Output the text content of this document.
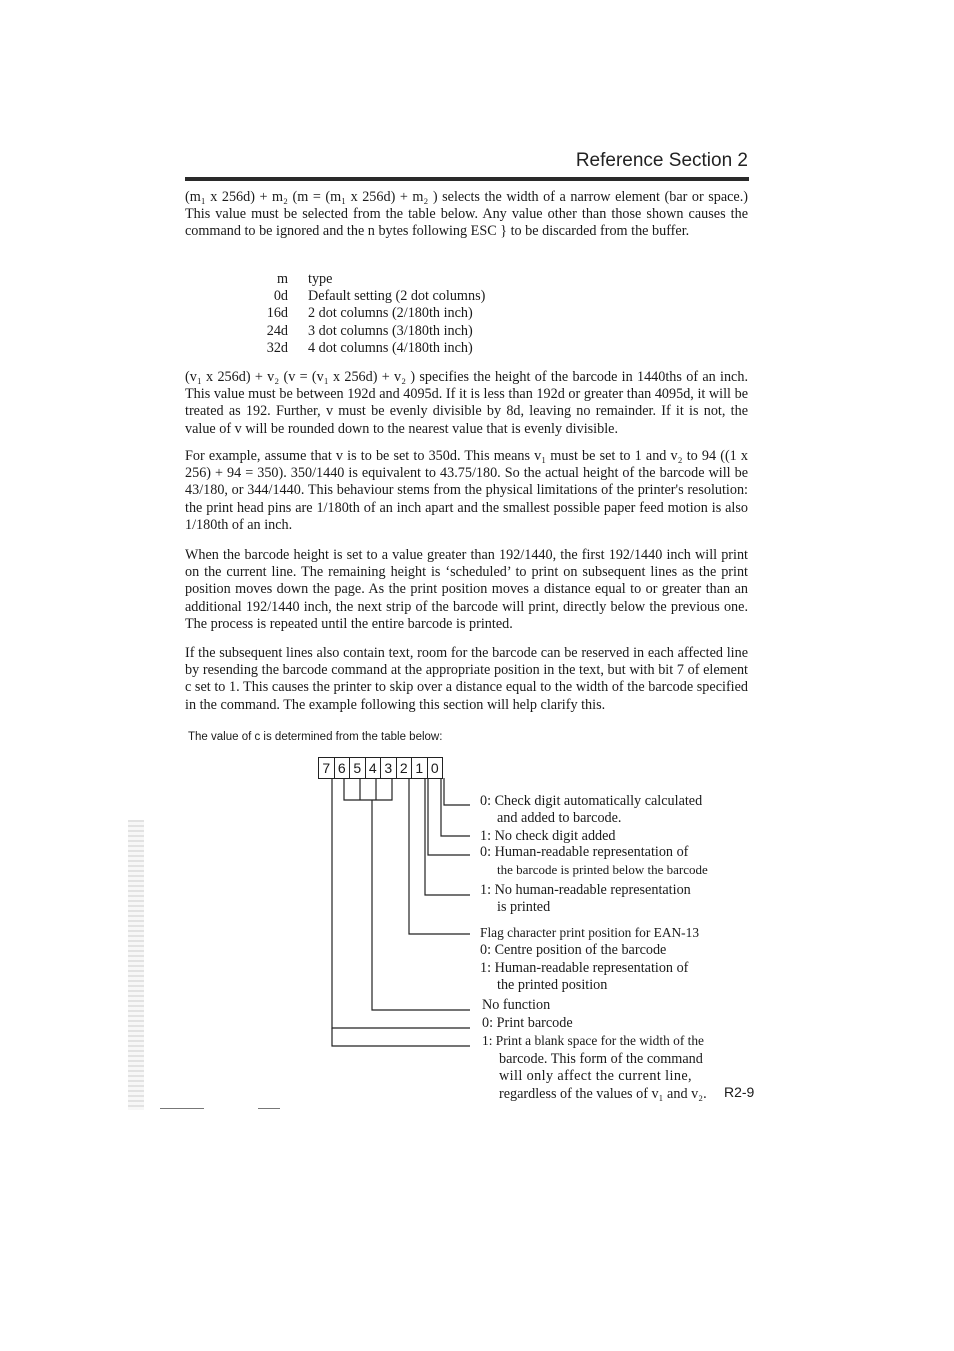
Reference Section 2

(m₁ x 256d) + m₂ (m = (m₁ x 256d) + m₂ ) selects the width of a narrow element (bar or space.) This value must be selected from the table below. Any value other than those shown causes the command to be ignored and the n bytes following ESC } to be discarded from the buffer.

m	type
0d	Default setting (2 dot columns)
16d	2 dot columns (2/180th inch)
24d	3 dot columns (3/180th inch)
32d	4 dot columns (4/180th inch)

(v₁ x 256d) + v₂ (v = (v₁ x 256d) + v₂ ) specifies the height of the barcode in 1440ths of an inch. This value must be between 192d and 4095d. If it is less than 192d or greater than 4095d, it will be treated as 192. Further, v must be evenly divisible by 8d, leaving no remainder. If it is not, the value of v will be rounded down to the nearest value that is evenly divisible.

For example, assume that v is to be set to 350d. This means v₁ must be set to 1 and v₂ to 94 ((1 x 256) + 94 = 350). 350/1440 is equivalent to 43.75/180. So the actual height of the barcode will be 43/180, or 344/1440. This behaviour stems from the physical limitations of the printer's resolution: the print head pins are 1/180th of an inch apart and the smallest possible paper feed motion is also 1/180th of an inch.

When the barcode height is set to a value greater than 192/1440, the first 192/1440 inch will print on the current line. The remaining height is ‘scheduled’ to print on subsequent lines as the print position moves down the page. As the print position moves a distance equal to or greater than an additional 192/1440 inch, the next strip of the barcode will print, directly below the previous one. The process is repeated until the entire barcode is printed.

If the subsequent lines also contain text, room for the barcode can be reserved in each affected line by resending the barcode command at the appropriate position in the text, but with bit 7 of element c set to 1. This causes the printer to skip over a distance equal to the width of the barcode specified in the command. The example following this section will help clarify this.

The value of c is determined from the table below:
7 6 5 4 3 2 1 0
0: Check digit automatically calculated

and added to barcode.
1: No check digit added
0: Human-readable representation of

the barcode is printed below the barcode
1: No human-readable representation
is printed
Flag character print position for EAN-13
0: Centre position of the barcode
1: Human-readable representation of
the printed position
No function
0: Print barcode
1: Print a blank space for the width of the
barcode. This form of the command
will only affect the current line,
regardless of the values of v₁ and v₂. R2-9
